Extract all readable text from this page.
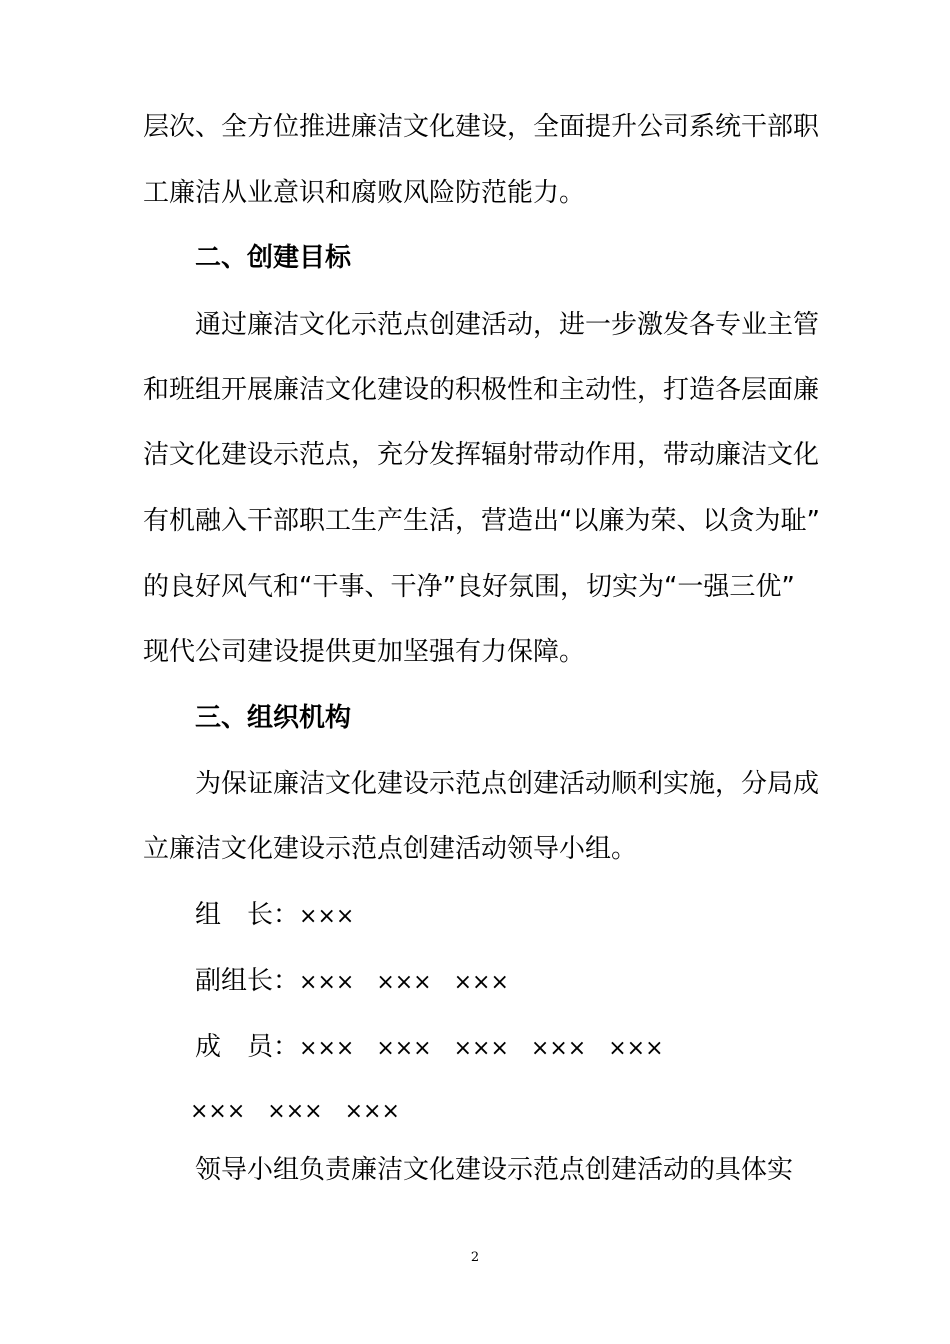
层次、全方位推进廉洁文化建设，全面提升公司系统干部职
工廉洁从业意识和腐败风险防范能力。
二、创建目标
通过廉洁文化示范点创建活动，进一步激发各专业主管
和班组开展廉洁文化建设的积极性和主动性，打造各层面廉
洁文化建设示范点，充分发挥辐射带动作用，带动廉洁文化
有机融入干部职工生产生活，营造出“以廉为荣、以贪为耻”
的良好风气和“干事、干净”良好氛围，切实为“一强三优”
现代公司建设提供更加坚强有力保障。
三、组织机构
为保证廉洁文化建设示范点创建活动顺利实施，分局成
立廉洁文化建设示范点创建活动领导小组。
组　长：×××
副组长：×××　×××　×××
成　员：×××　×××　×××　×××　×××
×××　×××　×××
领导小组负责廉洁文化建设示范点创建活动的具体实
2
